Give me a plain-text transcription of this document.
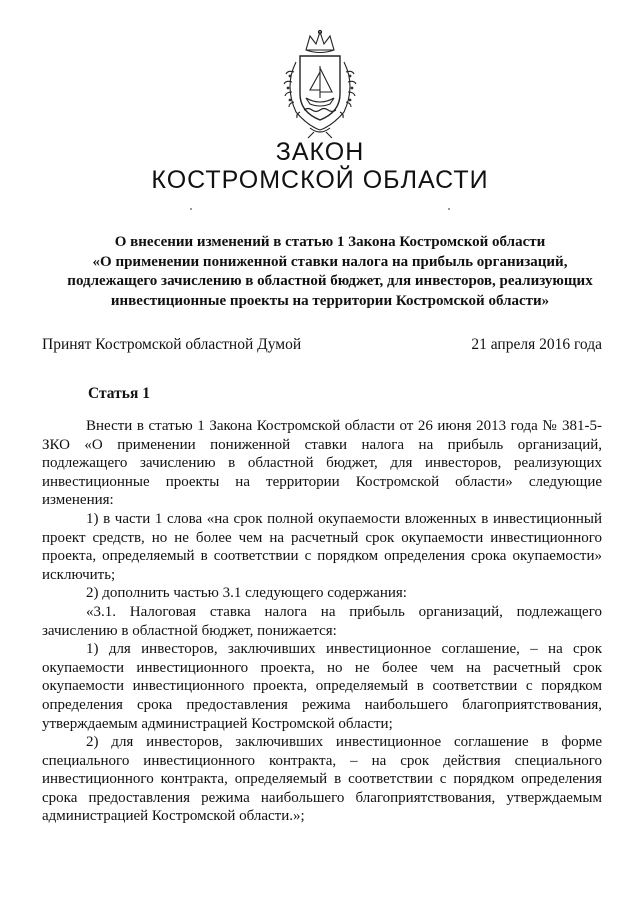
ЗАКОН
КОСТРОМСКОЙ ОБЛАСТИ
О внесении изменений в статью 1 Закона Костромской области
«О применении пониженной ставки налога на прибыль организаций,
подлежащего зачислению в областной бюджет, для инвесторов, реализующих
инвестиционные проекты на территории Костромской области»
Принят Костромской областной Думой	21 апреля 2016 года
Статья 1

Внести в статью 1 Закона Костромской области от 26 июня 2013 года № 381-5-ЗКО «О применении пониженной ставки налога на прибыль организаций, подлежащего зачислению в областной бюджет, для инвесторов, реализующих инвестиционные проекты на территории Костромской области» следующие изменения:

1) в части 1 слова «на срок полной окупаемости вложенных в инвестиционный проект средств, но не более чем на расчетный срок окупаемости инвестиционного проекта, определяемый в соответствии с порядком определения срока окупаемости» исключить;

2) дополнить частью 3.1 следующего содержания:

«3.1. Налоговая ставка налога на прибыль организаций, подлежащего зачислению в областной бюджет, понижается:

1) для инвесторов, заключивших инвестиционное соглашение, – на срок окупаемости инвестиционного проекта, но не более чем на расчетный срок окупаемости инвестиционного проекта, определяемый в соответствии с порядком определения срока предоставления режима наибольшего благоприятствования, утверждаемым администрацией Костромской области;

2) для инвесторов, заключивших инвестиционное соглашение в форме специального инвестиционного контракта, – на срок действия специального инвестиционного контракта, определяемый в соответствии с порядком определения срока предоставления режима наибольшего благоприятствования, утверждаемым администрацией Костромской области.»;
